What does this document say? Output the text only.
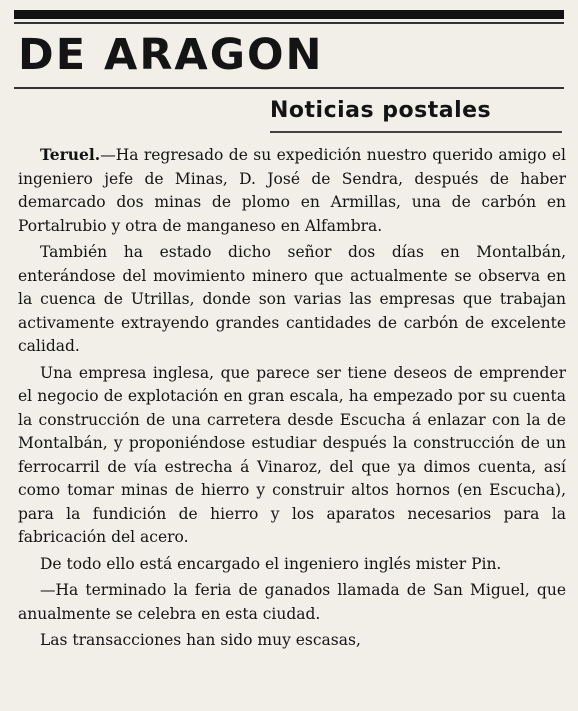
DE ARAGON
Noticias postales

Teruel.—Ha regresado de su expedición nuestro querido amigo el ingeniero jefe de Minas, D. José de Sendra, después de haber demarcado dos minas de plomo en Armillas, una de carbón en Portalrubio y otra de manganeso en Alfambra.

También ha estado dicho señor dos días en Montalbán, enterándose del movimiento minero que actualmente se observa en la cuenca de Utrillas, donde son varias las empresas que trabajan activamente extrayendo grandes cantidades de carbón de excelente calidad.

Una empresa inglesa, que parece ser tiene deseos de emprender el negocio de explotación en gran escala, ha empezado por su cuenta la construcción de una carretera desde Escucha á enlazar con la de Montalbán, y proponiéndose estudiar después la construcción de un ferrocarril de vía estrecha á Vinaroz, del que ya dimos cuenta, así como tomar minas de hierro y construir altos hornos (en Escucha), para la fundición de hierro y los aparatos necesarios para la fabricación del acero.

De todo ello está encargado el ingeniero inglés mister Pin.

—Ha terminado la feria de ganados llamada de San Miguel, que anualmente se celebra en esta ciudad.

Las transacciones han sido muy escasas,
